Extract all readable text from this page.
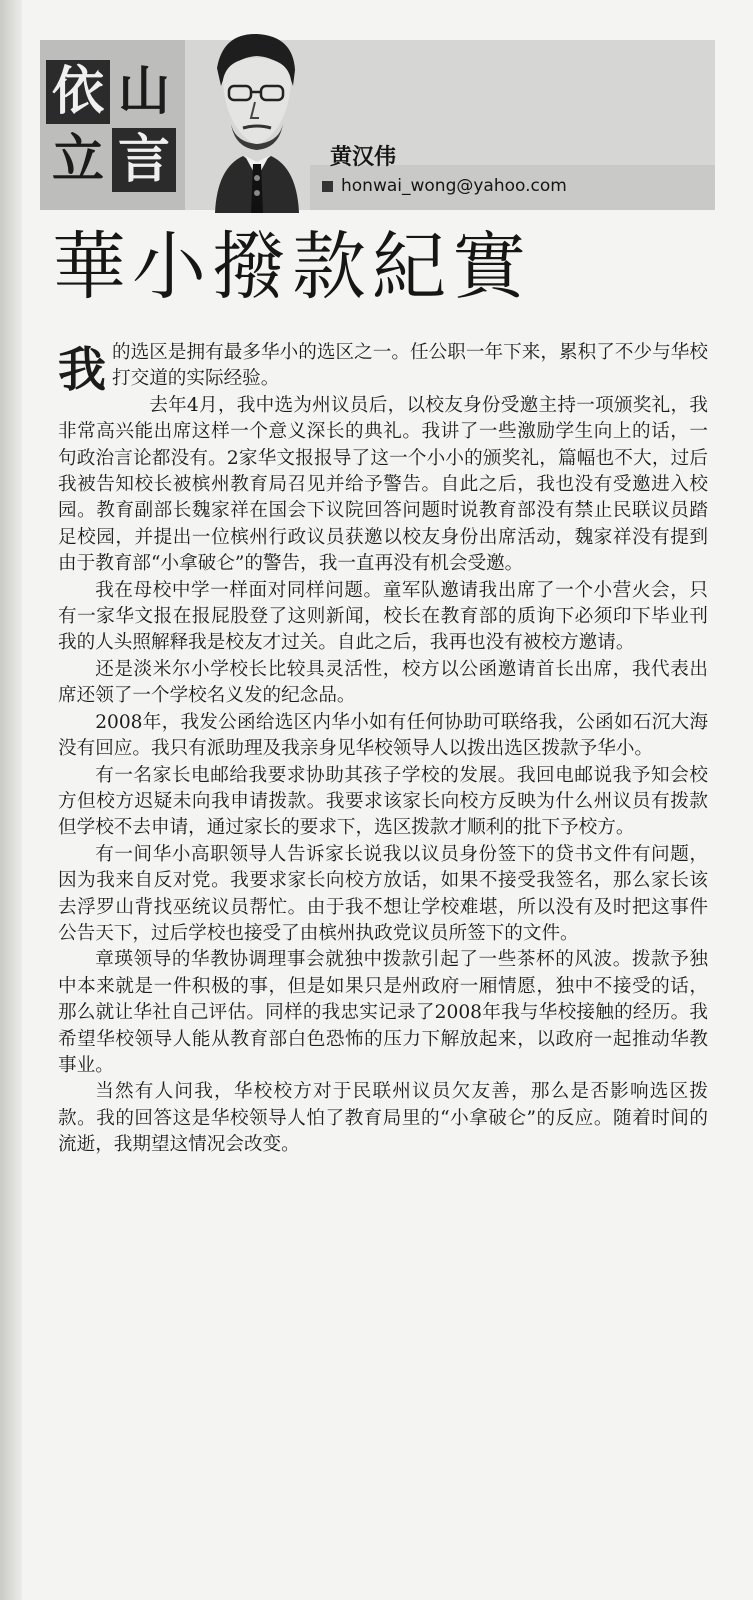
依 山
立 言	黄汉伟
honwai_wong@yahoo.com
華小撥款紀實

我的选区是拥有最多华小的选区之一。任公职一年下来，累积了不少与华校打交道的实际经验。

去年4月，我中选为州议员后，以校友身份受邀主持一项颁奖礼，我非常高兴能出席这样一个意义深长的典礼。我讲了一些激励学生向上的话，一句政治言论都没有。2家华文报报导了这一个小小的颁奖礼，篇幅也不大，过后我被告知校长被槟州教育局召见并给予警告。自此之后，我也没有受邀进入校园。教育副部长魏家祥在国会下议院回答问题时说教育部没有禁止民联议员踏足校园，并提出一位槟州行政议员获邀以校友身份出席活动，魏家祥没有提到由于教育部“小拿破仑”的警告，我一直再没有机会受邀。

我在母校中学一样面对同样问题。童军队邀请我出席了一个小营火会，只有一家华文报在报屁股登了这则新闻，校长在教育部的质询下必须印下毕业刊我的人头照解释我是校友才过关。自此之后，我再也没有被校方邀请。

还是淡米尔小学校长比较具灵活性，校方以公函邀请首长出席，我代表出席还领了一个学校名义发的纪念品。

2008年，我发公函给选区内华小如有任何协助可联络我，公函如石沉大海没有回应。我只有派助理及我亲身见华校领导人以拨出选区拨款予华小。

有一名家长电邮给我要求协助其孩子学校的发展。我回电邮说我予知会校方但校方迟疑未向我申请拨款。我要求该家长向校方反映为什么州议员有拨款但学校不去申请，通过家长的要求下，选区拨款才顺利的批下予校方。

有一间华小高职领导人告诉家长说我以议员身份签下的贷书文件有问题，因为我来自反对党。我要求家长向校方放话，如果不接受我签名，那么家长该去浮罗山背找巫统议员帮忙。由于我不想让学校难堪，所以没有及时把这事件公告天下，过后学校也接受了由槟州执政党议员所签下的文件。

章瑛领导的华教协调理事会就独中拨款引起了一些茶杯的风波。拨款予独中本来就是一件积极的事，但是如果只是州政府一厢情愿，独中不接受的话，那么就让华社自己评估。同样的我忠实记录了2008年我与华校接触的经历。我希望华校领导人能从教育部白色恐怖的压力下解放起来，以政府一起推动华教事业。

当然有人问我，华校校方对于民联州议员欠友善，那么是否影响选区拨款。我的回答这是华校领导人怕了教育局里的“小拿破仑”的反应。随着时间的流逝，我期望这情况会改变。
